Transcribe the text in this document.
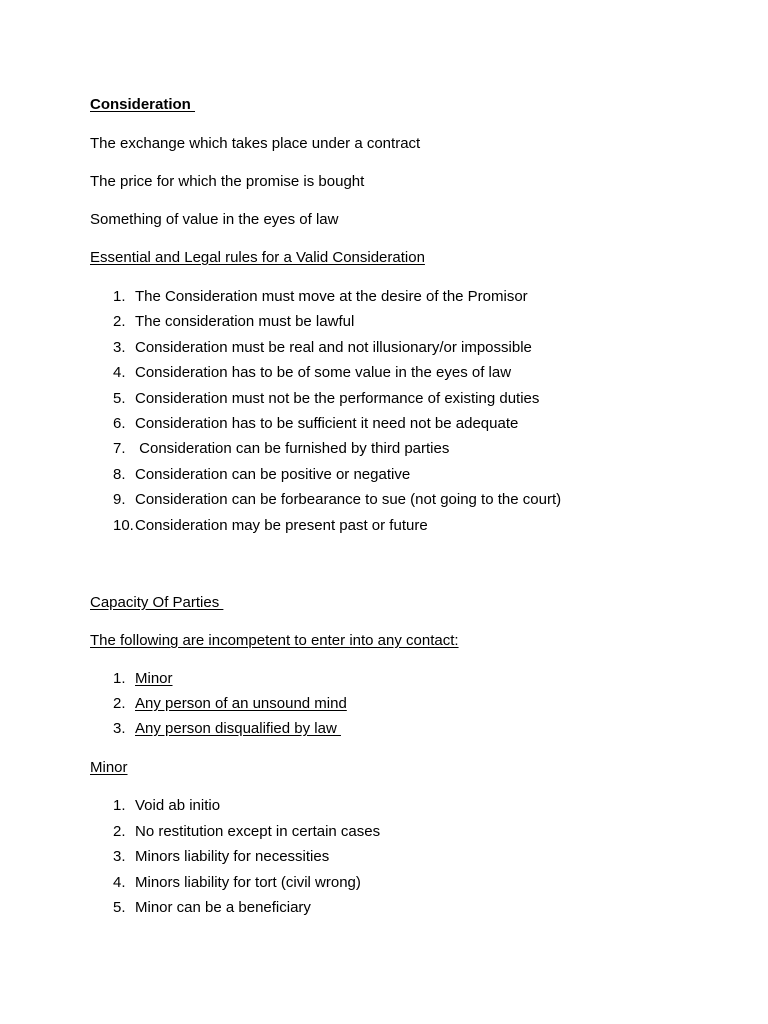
Consideration

The exchange which takes place under a contract

The price for which the promise is bought

Something of value in the eyes of law

Essential and Legal rules for a Valid Consideration

1. The Consideration must move at the desire of the Promisor
2. The consideration must be lawful
3. Consideration must be real and not illusionary/or impossible
4. Consideration has to be of some value in the eyes of law
5. Consideration must not be the performance of existing duties
6. Consideration has to be sufficient it need not be adequate
7. Consideration can be furnished by third parties
8. Consideration can be positive or negative
9. Consideration can be forbearance to sue (not going to the court)
10. Consideration may be present past or future

Capacity Of Parties

The following are incompetent to enter into any contact:

1. Minor
2. Any person of an unsound mind
3. Any person disqualified by law

Minor

1. Void ab initio
2. No restitution except in certain cases
3. Minors liability for necessities
4. Minors liability for tort (civil wrong)
5. Minor can be a beneficiary
